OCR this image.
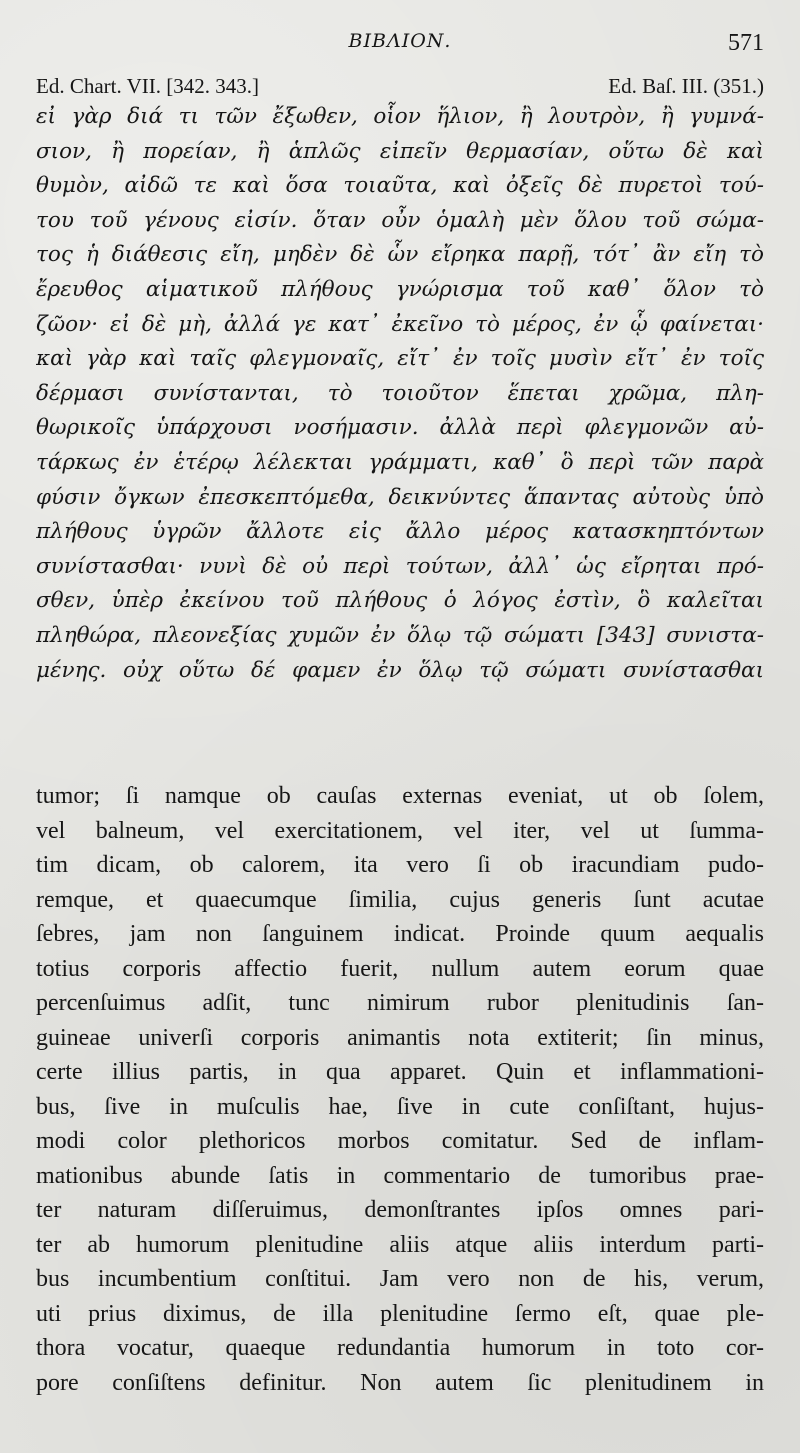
ΒΙΒΛΙΟΝ.	571
Ed. Chart. VII. [342. 343.]	Ed. Baſ. III. (351.)
εἰ γὰρ διά τι τῶν ἔξωθεν, οἷον ἥλιον, ἢ λουτρὸν, ἢ γυμνά-
σιον, ἢ πορείαν, ἢ ἁπλῶς εἰπεῖν θερμασίαν, οὕτω δὲ καὶ
θυμὸν, αἰδῶ τε καὶ ὅσα τοιαῦτα, καὶ ὀξεῖς δὲ πυρετοὶ τού-
του τοῦ γένους εἰσίν. ὅταν οὖν ὁμαλὴ μὲν ὅλου τοῦ σώμα-
τος ἡ διάθεσις εἴη, μηδὲν δὲ ὧν εἴρηκα παρῇ, τότ᾽ ἂν εἴη τὸ
ἔρευθος αἱματικοῦ πλήθους γνώρισμα τοῦ καθ᾽ ὅλον τὸ
ζῶον· εἰ δὲ μὴ, ἀλλά γε κατ᾽ ἐκεῖνο τὸ μέρος, ἐν ᾧ φαίνεται·
καὶ γὰρ καὶ ταῖς φλεγμοναῖς, εἴτ᾽ ἐν τοῖς μυσὶν εἴτ᾽ ἐν τοῖς
δέρμασι συνίστανται, τὸ τοιοῦτον ἕπεται χρῶμα, πλη-
θωρικοῖς ὑπάρχουσι νοσήμασιν. ἀλλὰ περὶ φλεγμονῶν αὐ-
τάρκως ἐν ἑτέρῳ λέλεκται γράμματι, καθ᾽ ὃ περὶ τῶν παρὰ
φύσιν ὄγκων ἐπεσκεπτόμεθα, δεικνύντες ἅπαντας αὐτοὺς ὑπὸ
πλήθους ὑγρῶν ἄλλοτε εἰς ἄλλο μέρος κατασκηπτόντων
συνίστασθαι· νυνὶ δὲ οὐ περὶ τούτων, ἀλλ᾽ ὡς εἴρηται πρό-
σθεν, ὑπὲρ ἐκείνου τοῦ πλήθους ὁ λόγος ἐστὶν, ὃ καλεῖται
πληθώρα, πλεονεξίας χυμῶν ἐν ὅλῳ τῷ σώματι [343] συνιστα-
μένης. οὐχ οὕτω δέ φαμεν ἐν ὅλῳ τῷ σώματι συνίστασθαι
tumor; ſi namque ob cauſas externas eveniat, ut ob ſolem,
vel balneum, vel exercitationem, vel iter, vel ut ſumma-
tim dicam, ob calorem, ita vero ſi ob iracundiam pudo-
remque, et quaecumque ſimilia, cujus generis ſunt acutae
ſebres, jam non ſanguinem indicat. Proinde quum aequalis
totius corporis affectio fuerit, nullum autem eorum quae
percenſuimus adſit, tunc nimirum rubor plenitudinis ſan-
guineae univerſi corporis animantis nota extiterit; ſin minus,
certe illius partis, in qua apparet. Quin et inflammationi-
bus, ſive in muſculis hae, ſive in cute conſiſtant, hujus-
modi color plethoricos morbos comitatur. Sed de inflam-
mationibus abunde ſatis in commentario de tumoribus prae-
ter naturam diſſeruimus, demonſtrantes ipſos omnes pari-
ter ab humorum plenitudine aliis atque aliis interdum parti-
bus incumbentium conſtitui. Jam vero non de his, verum,
uti prius diximus, de illa plenitudine ſermo eſt, quae ple-
thora vocatur, quaeque redundantia humorum in toto cor-
pore conſiſtens definitur. Non autem ſic plenitudinem in
